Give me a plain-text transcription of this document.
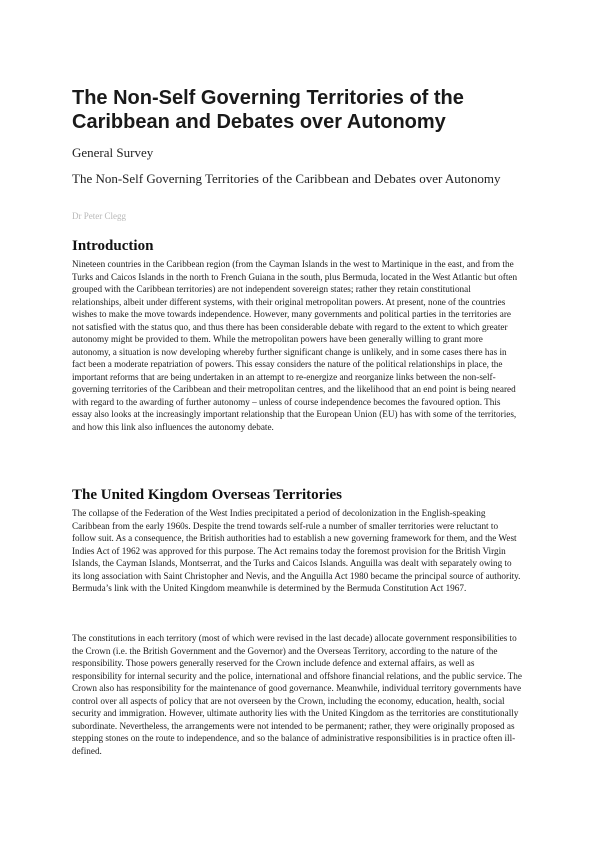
The Non-Self Governing Territories of the Caribbean and Debates over Autonomy

General Survey

The Non-Self Governing Territories of the Caribbean and Debates over Autonomy

Dr Peter Clegg

Introduction

Nineteen countries in the Caribbean region (from the Cayman Islands in the west to Martinique in the east, and from the Turks and Caicos Islands in the north to French Guiana in the south, plus Bermuda, located in the West Atlantic but often grouped with the Caribbean territories) are not independent sovereign states; rather they retain constitutional relationships, albeit under different systems, with their original metropolitan powers. At present, none of the countries wishes to make the move towards independence. However, many governments and political parties in the territories are not satisfied with the status quo, and thus there has been considerable debate with regard to the extent to which greater autonomy might be provided to them. While the metropolitan powers have been generally willing to grant more autonomy, a situation is now developing whereby further significant change is unlikely, and in some cases there has in fact been a moderate repatriation of powers. This essay considers the nature of the political relationships in place, the important reforms that are being undertaken in an attempt to re-energize and reorganize links between the non-self-governing territories of the Caribbean and their metropolitan centres, and the likelihood that an end point is being neared with regard to the awarding of further autonomy – unless of course independence becomes the favoured option. This essay also looks at the increasingly important relationship that the European Union (EU) has with some of the territories, and how this link also influences the autonomy debate.

The United Kingdom Overseas Territories

The collapse of the Federation of the West Indies precipitated a period of decolonization in the English-speaking Caribbean from the early 1960s. Despite the trend towards self-rule a number of smaller territories were reluctant to follow suit. As a consequence, the British authorities had to establish a new governing framework for them, and the West Indies Act of 1962 was approved for this purpose. The Act remains today the foremost provision for the British Virgin Islands, the Cayman Islands, Montserrat, and the Turks and Caicos Islands. Anguilla was dealt with separately owing to its long association with Saint Christopher and Nevis, and the Anguilla Act 1980 became the principal source of authority. Bermuda’s link with the United Kingdom meanwhile is determined by the Bermuda Constitution Act 1967.

The constitutions in each territory (most of which were revised in the last decade) allocate government responsibilities to the Crown (i.e. the British Government and the Governor) and the Overseas Territory, according to the nature of the responsibility. Those powers generally reserved for the Crown include defence and external affairs, as well as responsibility for internal security and the police, international and offshore financial relations, and the public service. The Crown also has responsibility for the maintenance of good governance. Meanwhile, individual territory governments have control over all aspects of policy that are not overseen by the Crown, including the economy, education, health, social security and immigration. However, ultimate authority lies with the United Kingdom as the territories are constitutionally subordinate. Nevertheless, the arrangements were not intended to be permanent; rather, they were originally proposed as stepping stones on the route to independence, and so the balance of administrative responsibilities is in practice often ill-defined.
